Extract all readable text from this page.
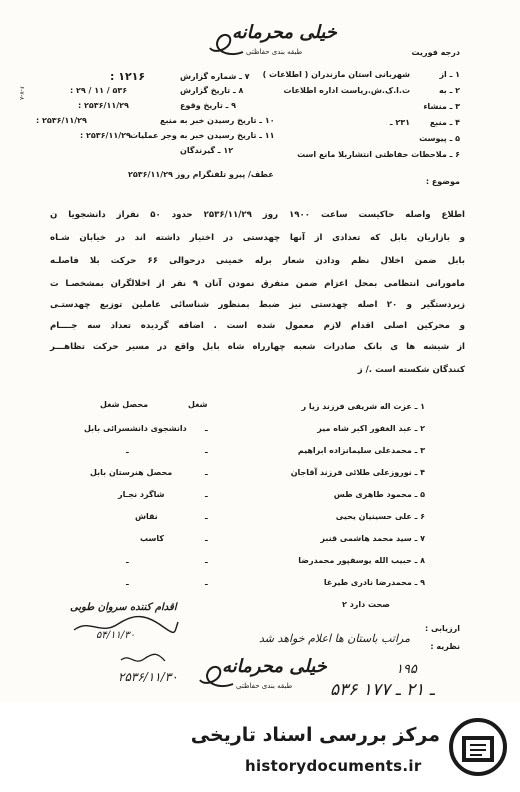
خیلی محرمانه
طبقه بندی حفاظتی	درجه فوریت
۱ ـ از
شهربانی استان مازندران ( اطلاعات )
۲ ـ به
ت.ا.ک.ش.ریاست اداره اطلاعات
۳ ـ منشاء
۴ ـ منبع
۲۳۱ ـ
۵ ـ پیوست
۶ ـ ملاحظات حفاظتی
انتشاربلا مانع است
۶-۷-۸
۷ ـ شماره گزارش
: ۱۲۱۶
۸ ـ تاریخ گزارش
: ۲۹ / ۱۱ / ۵۳۶
۹ ـ تاریخ وقوع
: ۲۵۳۶/۱۱/۲۹
۱۰ ـ تاریخ رسیدن خبر به منبع
: ۲۵۳۶/۱۱/۲۹
۱۱ ـ تاریخ رسیدن خبر به وجر عملیات
: ۲۵۳۶/۱۱/۲۹
۱۲ ـ گیرندگان
موضوع :
عطف/ پیرو تلفنگرام روز ۲۵۳۶/۱۱/۲۹
اطلاع واصله حاکیست ساعت ۱۹۰۰ روز ۲۵۳۶/۱۱/۲۹ حدود ۵۰ نفراز دانشجویا ن
و بازاریان بابل که تعدادی از آنها چهدستی در اختیار داشته اند در خیابان شـاه
بابل ضمن اخلال نظم ودادن شعار برله خمینی درحوالی ۶۶ حرکت بلا فاصلـه
مامورانی انتظامی بمحل اعزام ضمن متفرق نمودن آنان ۹ نفر از اخلالگران بمشخصـا ت
زیردستگیر و ۲۰ اصله چهدستی نیز ضبط بمنظور شناسائی عاملین توزیع چهدستـی
و محرکین اصلی اقدام لازم معمول شده است . اضافه گردیده تعداد سه جــــام
از شیشه ها ی بانک صادرات شعبه چهارراه شاه بابل واقع در مسیر حرکت تظاهـــر
کنندگان شکسته است ./ ز
شغل
محصل شغل	۱ ـ عزت اله شریفی فرزند زیا ر
۲ ـ عبد الغفور اکبر شاه میر
ـ
دانشجوی دانشسرائی بابل
۳ ـ محمدعلی سلیمانزاده ابراهیم
ـ
ـ
۴ ـ نوروزعلی طلائی فرزند آقاجان
ـ
محصل هنرستان بابل
۵ ـ محمود طاهری طس
ـ
شاگرد نجـار
۶ ـ علی حسینیان یحیی
ـ
نقاش
۷ ـ سید محمد هاشمی قنبر
ـ
کاسب
۸ ـ حبیب الله یوسفپور محمدرضا
ـ
ـ
۹ ـ محمدرضا نادری طیرغا
ـ
ـ
صحت دارد ۲
ارزیابی :
نظریه :
مراتب باستان ها اعلام خواهد شد
۱۹۵
۵۳۶ ـ ۲۱ ـ ۱۷۷
اقدام کننده سروان طوبی
۵۴/۱۱/۳۰
۲۵۳۶/۱۱/۳۰ خیلی محرمانه
طبقه بندی حفاظتی
مرکز بررسی اسناد تاریخی
historydocuments.ir
